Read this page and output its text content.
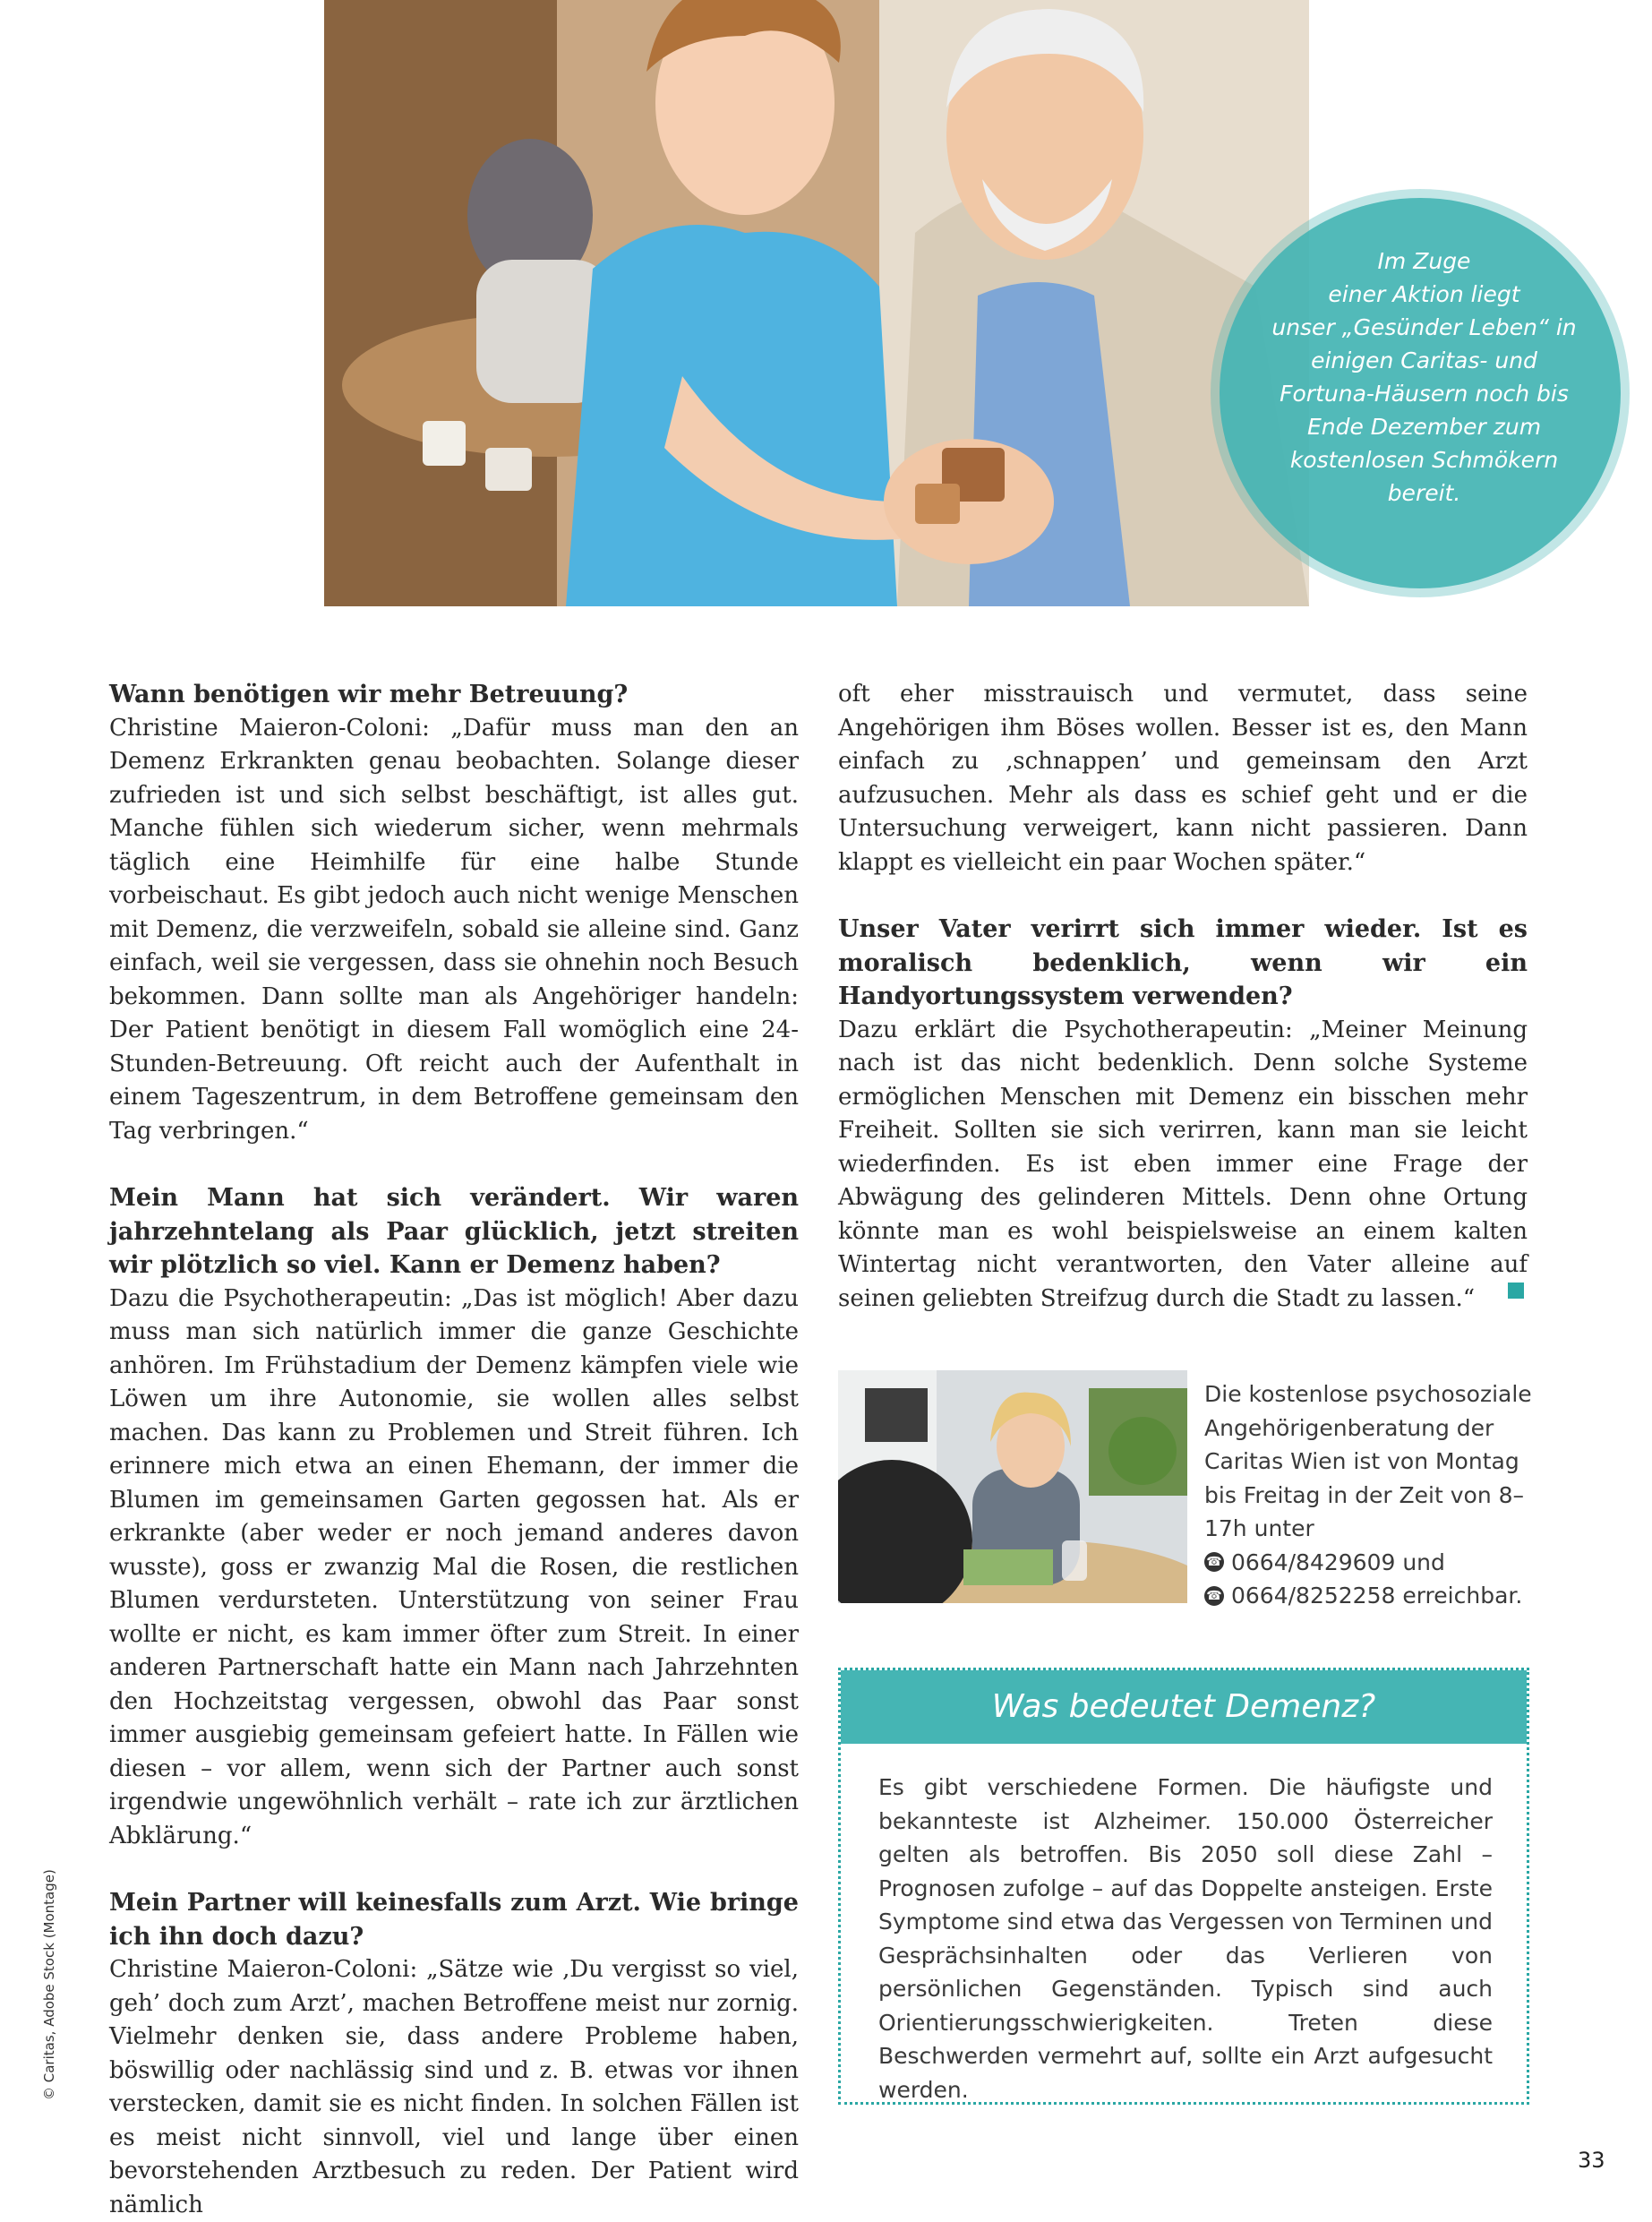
Im Zuge
einer Aktion liegt
unser „Gesünder Leben“ in
einigen Caritas- und
Fortuna-Häusern noch bis
Ende Dezember zum
kostenlosen Schmökern
bereit.
Wann benötigen wir mehr Betreuung?

Christine Maieron-Coloni: „Dafür muss man den an Demenz Erkrankten genau beobachten. Solange dieser zufrieden ist und sich selbst beschäftigt, ist alles gut. Manche fühlen sich wiederum sicher, wenn mehrmals täglich eine Heimhilfe für eine halbe Stunde vorbeischaut. Es gibt jedoch auch nicht wenige Menschen mit Demenz, die verzweifeln, sobald sie alleine sind. Ganz einfach, weil sie vergessen, dass sie ohnehin noch Besuch bekommen. Dann sollte man als Angehöriger handeln: Der Patient benötigt in diesem Fall womöglich eine 24-Stunden-Betreuung. Oft reicht auch der Aufenthalt in einem Tageszentrum, in dem Betroffene gemeinsam den Tag verbringen.“

Mein Mann hat sich verändert. Wir waren jahrzehntelang als Paar glücklich, jetzt streiten wir plötzlich so viel. Kann er Demenz haben?

Dazu die Psychotherapeutin: „Das ist möglich! Aber dazu muss man sich natürlich immer die ganze Geschichte anhören. Im Frühstadium der Demenz kämpfen viele wie Löwen um ihre Autonomie, sie wollen alles selbst machen. Das kann zu Problemen und Streit führen. Ich erinnere mich etwa an einen Ehemann, der immer die Blumen im gemeinsamen Garten gegossen hat. Als er erkrankte (aber weder er noch jemand anderes davon wusste), goss er zwanzig Mal die Rosen, die restlichen Blumen verdursteten. Unterstützung von seiner Frau wollte er nicht, es kam immer öfter zum Streit. In einer anderen Partnerschaft hatte ein Mann nach Jahrzehnten den Hochzeitstag vergessen, obwohl das Paar sonst immer ausgiebig gemeinsam gefeiert hatte. In Fällen wie diesen – vor allem, wenn sich der Partner auch sonst irgendwie ungewöhnlich verhält – rate ich zur ärztlichen Abklärung.“

Mein Partner will keinesfalls zum Arzt. Wie bringe ich ihn doch dazu?

Christine Maieron-Coloni: „Sätze wie ‚Du vergisst so viel, geh’ doch zum Arzt’, machen Betroffene meist nur zornig. Vielmehr denken sie, dass andere Probleme haben, böswillig oder nachlässig sind und z. B. etwas vor ihnen verstecken, damit sie es nicht finden. In solchen Fällen ist es meist nicht sinnvoll, viel und lange über einen bevorstehenden Arztbesuch zu reden. Der Patient wird nämlich

oft eher misstrauisch und vermutet, dass seine Angehörigen ihm Böses wollen. Besser ist es, den Mann einfach zu ‚schnappen’ und gemeinsam den Arzt aufzusuchen. Mehr als dass es schief geht und er die Untersuchung verweigert, kann nicht passieren. Dann klappt es vielleicht ein paar Wochen später.“

Unser Vater verirrt sich immer wieder. Ist es moralisch bedenklich, wenn wir ein Handyortungssystem verwenden?

Dazu erklärt die Psychotherapeutin: „Meiner Meinung nach ist das nicht bedenklich. Denn solche Systeme ermöglichen Menschen mit Demenz ein bisschen mehr Freiheit. Sollten sie sich verirren, kann man sie leicht wiederfinden. Es ist eben immer eine Frage der Abwägung des gelinderen Mittels. Denn ohne Ortung könnte man es wohl beispielsweise an einem kalten Wintertag nicht verantworten, den Vater alleine auf seinen geliebten Streifzug durch die Stadt zu lassen.“

Die kostenlose psychosoziale Angehörigenberatung der Caritas Wien ist von Montag bis Freitag in der Zeit von 8–17h unter

☎ 0664/8429609 und
☎ 0664/8252258 erreichbar.
Was bedeutet Demenz?
Es gibt verschiedene Formen. Die häufigste und bekannteste ist Alzheimer. 150.000 Österreicher gelten als betroffen. Bis 2050 soll diese Zahl – Prognosen zufolge – auf das Doppelte ansteigen. Erste Symptome sind etwa das Vergessen von Terminen und Gesprächsinhalten oder das Verlieren von persönlichen Gegenständen. Typisch sind auch Orientierungsschwierigkeiten. Treten diese Beschwerden vermehrt auf, sollte ein Arzt aufgesucht werden.
© Caritas, Adobe Stock (Montage)
33
